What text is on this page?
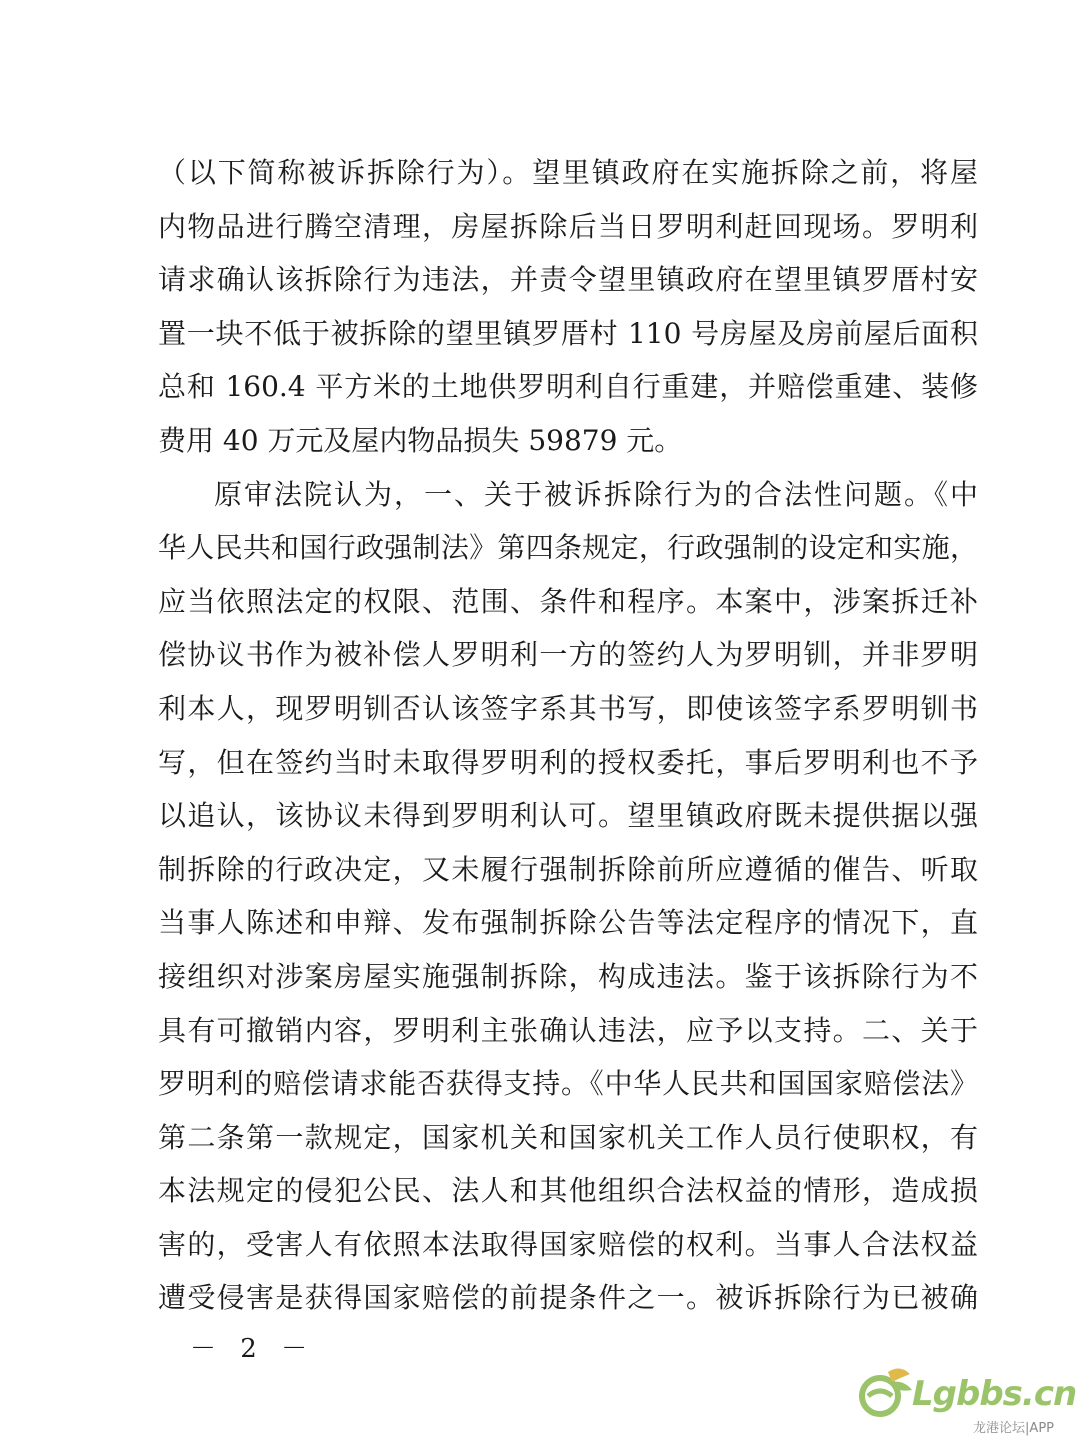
（以下简称被诉拆除行为）。望里镇政府在实施拆除之前，将屋
内物品进行腾空清理，房屋拆除后当日罗明利赶回现场。罗明利
请求确认该拆除行为违法，并责令望里镇政府在望里镇罗厝村安
置一块不低于被拆除的望里镇罗厝村 110 号房屋及房前屋后面积
总和 160.4 平方米的土地供罗明利自行重建，并赔偿重建、装修
费用 40 万元及屋内物品损失 59879 元。
原审法院认为，一、关于被诉拆除行为的合法性问题。《中
华人民共和国行政强制法》第四条规定，行政强制的设定和实施，
应当依照法定的权限、范围、条件和程序。本案中，涉案拆迁补
偿协议书作为被补偿人罗明利一方的签约人为罗明钏，并非罗明
利本人，现罗明钏否认该签字系其书写，即使该签字系罗明钏书
写，但在签约当时未取得罗明利的授权委托，事后罗明利也不予
以追认，该协议未得到罗明利认可。望里镇政府既未提供据以强
制拆除的行政决定，又未履行强制拆除前所应遵循的催告、听取
当事人陈述和申辩、发布强制拆除公告等法定程序的情况下，直
接组织对涉案房屋实施强制拆除，构成违法。鉴于该拆除行为不
具有可撤销内容，罗明利主张确认违法，应予以支持。二、关于
罗明利的赔偿请求能否获得支持。《中华人民共和国国家赔偿法》
第二条第一款规定，国家机关和国家机关工作人员行使职权，有
本法规定的侵犯公民、法人和其他组织合法权益的情形，造成损
害的，受害人有依照本法取得国家赔偿的权利。当事人合法权益
遭受侵害是获得国家赔偿的前提条件之一。被诉拆除行为已被确
－ 2 －
Lgbbs.cn
龙港论坛|APP
